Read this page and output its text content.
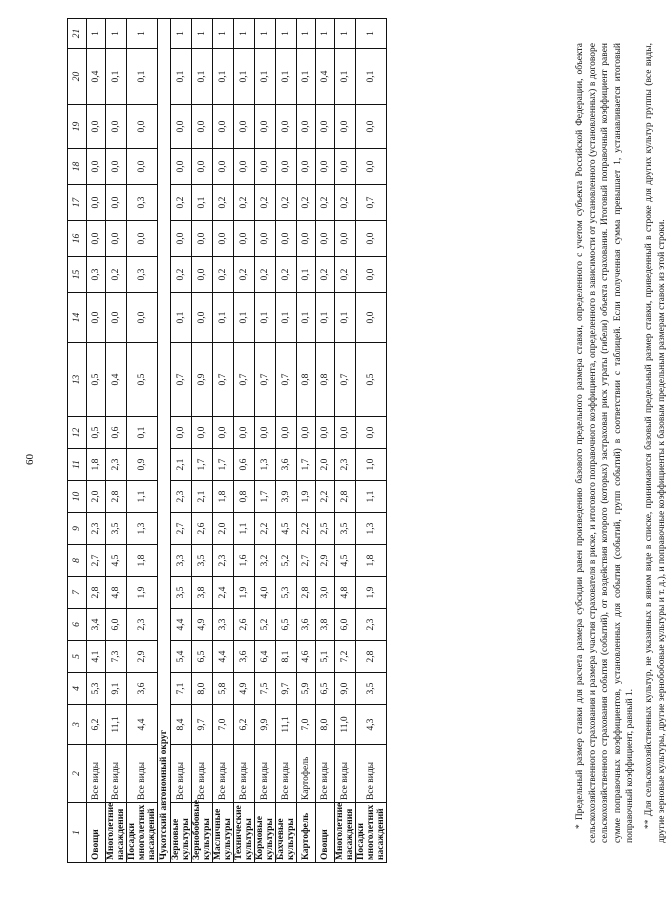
60
1	2	3	4	5	6	7	8	9	10	11	12	13	14	15	16	17	18	19	20	21
Овощи	Все виды	6,2	5,3	4,1	3,4	2,8	2,7	2,3	2,0	1,8	0,5	0,5	0,0	0,3	0,0	0,0	0,0	0,0	0,4	1
Многолетние насаждения	Все виды	11,1	9,1	7,3	6,0	4,8	4,5	3,5	2,8	2,3	0,6	0,4	0,0	0,2	0,0	0,0	0,0	0,0	0,1	1
Посадки многолетних насаждений	Все виды	4,4	3,6	2,9	2,3	1,9	1,8	1,3	1,1	0,9	0,1	0,5	0,0	0,3	0,0	0,3	0,0	0,0	0,1	1
Чукотский автономный округ																				
Зерновые культуры	Все виды	8,4	7,1	5,4	4,4	3,5	3,3	2,7	2,3	2,1	0,0	0,7	0,1	0,2	0,0	0,2	0,0	0,0	0,1	1
Зернобобовые культуры	Все виды	9,7	8,0	6,5	4,9	3,8	3,5	2,6	2,1	1,7	0,0	0,9	0,0	0,0	0,0	0,1	0,0	0,0	0,1	1
Масличные культуры	Все виды	7,0	5,8	4,4	3,3	2,4	2,3	2,0	1,8	1,7	0,0	0,7	0,1	0,2	0,0	0,2	0,0	0,0	0,1	1
Технические культуры	Все виды	6,2	4,9	3,6	2,6	1,9	1,6	1,1	0,8	0,6	0,0	0,7	0,1	0,2	0,0	0,2	0,0	0,0	0,1	1
Кормовые культуры	Все виды	9,9	7,5	6,4	5,2	4,0	3,2	2,2	1,7	1,3	0,0	0,7	0,1	0,2	0,0	0,2	0,0	0,0	0,1	1
Бахчевые культуры	Все виды	11,1	9,7	8,1	6,5	5,3	5,2	4,5	3,9	3,6	0,0	0,7	0,1	0,2	0,0	0,2	0,0	0,0	0,1	1
Картофель	Картофель	7,0	5,9	4,6	3,6	2,8	2,7	2,2	1,9	1,7	0,0	0,8	0,1	0,1	0,0	0,2	0,0	0,0	0,1	1
Овощи	Все виды	8,0	6,5	5,1	3,8	3,0	2,9	2,5	2,2	2,0	0,0	0,8	0,1	0,2	0,0	0,2	0,0	0,0	0,4	1
Многолетние насаждения	Все виды	11,0	9,0	7,2	6,0	4,8	4,5	3,5	2,8	2,3	0,0	0,7	0,1	0,2	0,0	0,2	0,0	0,0	0,1	1
Посадки многолетних насаждений	Все виды	4,3	3,5	2,8	2,3	1,9	1,8	1,3	1,1	1,0	0,0	0,5	0,0	0,0	0,0	0,7	0,0	0,0	0,1	1
* Предельный размер ставки для расчета размера субсидии равен произведению базового предельного размера ставки, определенного с учетом субъекта Российской Федерации, объекта сельскохозяйственного страхования и размера участия страхователя в риске, и итогового поправочного коэффициента, определенного в зависимости от установленного (установленных) в договоре сельскохозяйственного страхования события (событий), от воздействия которого (которых) застрахован риск утраты (гибели) объекта страхования. Итоговый поправочный коэффициент равен сумме поправочных коэффициентов, установленных для события (событий, групп событий) в соответствии с таблицей. Если полученная сумма превышает 1, устанавливается итоговый поправочный коэффициент, равный 1. ** Для сельскохозяйственных культур, не указанных в явном виде в списке, принимаются базовый предельный размер ставки, приведенный в строке для других культур группы (все виды, другие зерновые культуры, другие зернобобовые культуры и т. д.), и поправочные коэффициенты к базовым предельным размерам ставок из этой строки.
